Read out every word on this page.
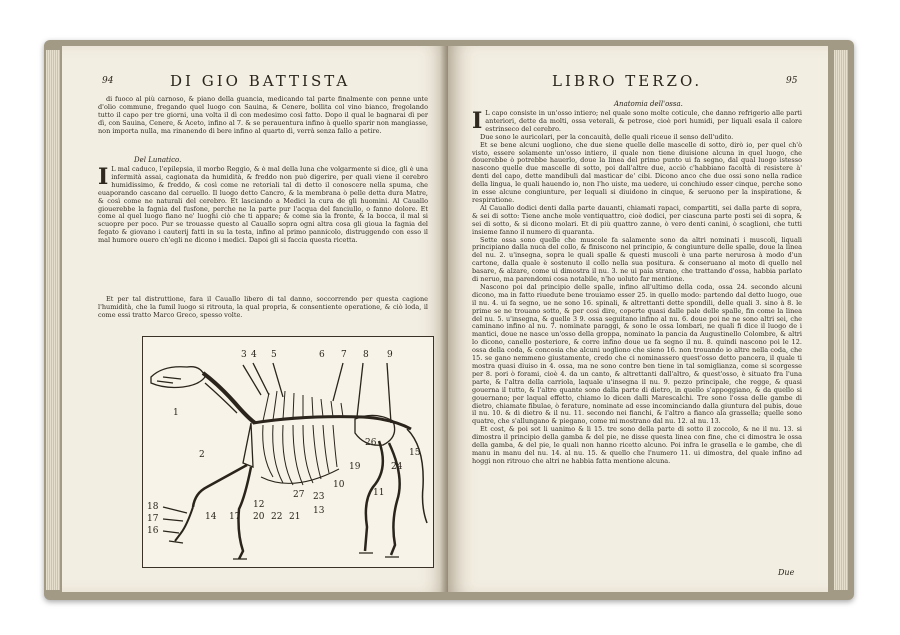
94	DI GIO BATTISTA

di fuoco al più carnoso, & piano della guancia, medicando tal parte finalmente con penne unte d'olio commune, fregando quel luogo con Sauina, & Cenere, bollita col vino bianco, fregolando tutto il capo per tre giorni, una volta il dì con medesimo così fatto. Dopo il qual le bagnarai dì per dì, con Sauina, Cenere, & Aceto, infino al 7. & se perauentura infino à quello sparir non mangiasse, non importa nulla, ma rinanendo di bere infino al quarto dì, verrà senza fallo a petire.

Del Lunatico.

I L mal caduco, l'epilepsia, il morbo Reggio, & è mal della luna che volgarmente si dice, gli è una infermità assai, cagionata da humidità, & freddo non può digerire, per quali viene il cerebro humidissimo, & freddo, & così come ne retoriali tal di detto il conoscere nella spuma, che euaporando cascano dal ceruello. Il luogo detto Cancro, & la membrana ò pelle detta dura Matre, & così come ne naturali del cerebro. Et lasciando a Medici la cura de gli huomini. Al Cauallo giouerebbe la fagnia del fusfone, perche ne la parte pur l'acqua del fanciullo, o fanno dolore. Et come al quel luogo fiano ne' luoghi ciò che ti appare; & come sia la fronte, & la bocca, il mal si scuopre per poco. Pur se trouasse questo al Cauallo sopra ogni altra cosa gli gioua la fagnia del fegato & giovano i cauterij fatti in su la testa, infino al primo pannicolo, distruggendo con esso il mal humore ouero ch'egli ne dicono i medici. Dapoi gli si faccia questa ricetta.

Et per tal distruttione, fara il Cauallo libero di tal danno, soccorrendo per questa cagione l'humidità, che la fumil luogo si ritrouta, la qual propria, & consentiente operatione, & ciò loda, il come essi tratto Marco Greco, spesso volte.

3 4 5	6 7 8 9
1
2
24
10
11
12
13
14 17 20 22 21
19
27 23
26
15
18
17
16
LIBRO TERZO.	95
Anatomia dell'ossa.

I L capo consiste in un'osso intiero; nel quale sono molte coticule, che danno refrigerio alle parti anteriori, dette da molti, ossa veterali, & petrose, cioè pori humidi, per liquali esala il calore estrinseco del cerebro.

Due sono le auricolari, per la concauità, delle quali riceue il senso dell'udito.

Et se bene alcuni uogliono, che due siene quelle delle mascelle di sotto, dirò io, per quel ch'ò visto, essere solamente un'osso intiero, il quale non tiene diuisione alcuna in quel luogo, che douerebbe ò potrebbe hauerlo, doue la linea del primo punto ui fa segno, dal qual luogo istesso nascono quelle due mascelle di sotto, poi dall'altre due, acciò c'habbiano facoltà di resistere à' denti del capo, dette mandibuli dal masticar de' cibi. Dicono anco che due ossi sono nella radice della lingua, le quali hauendo io, non l'ho uiste, ma uedere, ui conchiudo esser cinque, perche sono in esse alcune congiunture, per lequali si diuidono in cinque, & seruono per la inspiratione, & respiratione.

Al Cauallo dodici denti dalla parte dauanti, chiamati rapaci, compartiti, sei dalla parte di sopra, & sei di sotto: Tiene anche mole ventiquattro, cioè dodici, per ciascuna parte posti sei di sopra, & sei di sotto, & si dicono molari. Et di più quattro zanne, ò vero denti canini, ò scaglioni, che tutti insieme fanno il numero di quaranta.

Sette ossa sono quelle che muscole fa salamente sono da altri nominati i muscoli, liquali principiano dalla nuca del collo, & finiscono nel principio, & congiunture delle spalle, doue la linea del nu. 2. u'insegna, sopra le quali spalle & questi muscoli è una parte nerurosa à modo d'un cartone, dalla quale è sostenuto il collo nella sua positura. & conseruano al moto di quello nel basare, & alzare, come ui dimostra il nu. 3. ne ui paia strano, che trattando d'ossa, habbia parlato di neruo, ma parendomi cosa notabile, n'ho uoluto far mentione.

Nascono poi dal principio delle spalle, infino all'ultimo della coda, ossa 24. secondo alcuni dicono, ma in fatto riuedute bene trouiamo esser 25. in quello modo: partendo dal detto luogo, oue il nu. 4. ui fa segno, ue ne sono 16. spinali, & altrettanti dette spondili, delle quali 3. sino à 8. le prime se ne trouano sotto, & per cosi dire, coperte quasi dalle pale delle spalle, fin come la linea del nu. 5. u'insegna, & quelle 3 9. ossa seguitano infino al nu. 6. doue poi ne ne sono altri sei, che caminano infino al nu. 7. nominate paraggi, & sono le ossa lombari, ne quali fi dice il luogo de i mantici, doue ne nasce un'osso della groppa, nominato la pancia da Augustinello Colombre, & altri lo dicono, canello posteriore, & corre infino doue ue fa segno il nu. 8. quindi nascono poi le 12. ossa della coda, & concosia che alcuni uogliono che sieno 16. non trouando io altre nella coda, che 15. se gano nemmeno giustamente, credo che ci nominassero quest'osso detto pancera, il quale ti mostra quasi diuiso in 4. ossa, ma ne sono contre ben tiene in tal somiglianza, come si scorgesse per 8. pori ò forami, cioè 4. da un canto, & altrettanti dall'altro, & quest'osso, è situato fra l'una parte, & l'altra della carriola, laquale u'insegna il nu. 9. pezzo principale, che regge, & quasi gouerna il tutto, & l'altre quante sono dalla parte di dietro, in quello s'appoggiano, & da quello si gouernano; per laqual effetto, chiamo lo dicen dalli Marescalchi. Tre sono l'ossa delle gambe di dietro, chiamate fibulae, ò ferature, nominate ad esse incominciando dalla giuntura del pubis, doue il nu. 10. & di dietro & il nu. 11. secondo nei fianchi, & l'altro a fianco ala grassella; quelle sono quatre, che s'allungano & piegano, come mi mostrano dal nu. 12. al nu. 13.

Et cost, & poi sot li uanimo & li 15. tre sono della parte di sotto il zoccolo, & ne il nu. 13. si dimostra il principio della gamba & del pie, ne disse questa linea con fine, che ci dimostra le ossa della gamba, & del pie, le quali non hanno ricetto alcuno. Poi infra le grasella e le gambe, che dì manu in manu del nu. 14. al nu. 15. & quello che l'numero 11. ui dimostra, del quale infino ad hoggi non ritrouo che altri ne habbia fatta mentione alcuna.

Due
